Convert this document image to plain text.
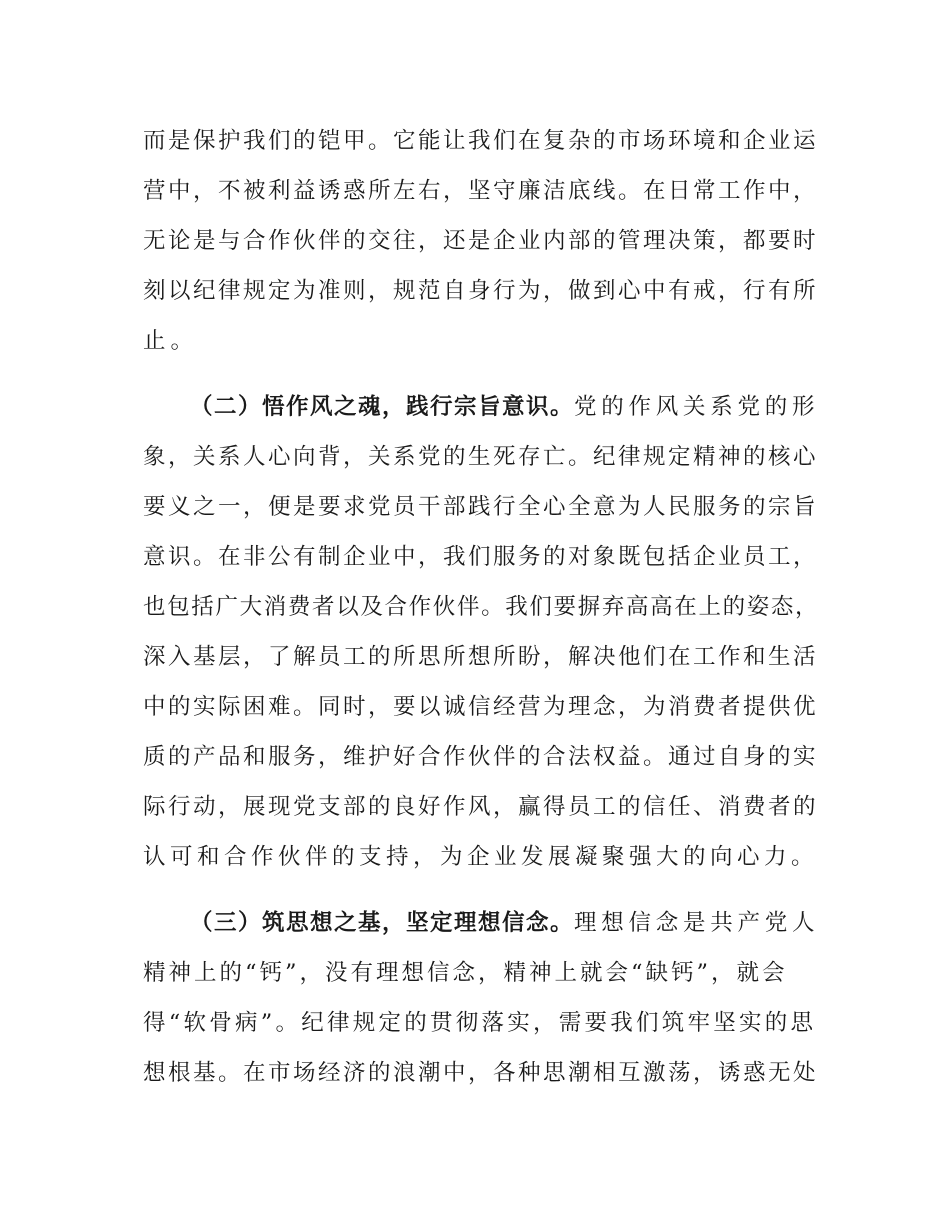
而是保护我们的铠甲。它能让我们在复杂的市场环境和企业运

营中，不被利益诱惑所左右，坚守廉洁底线。在日常工作中，

无论是与合作伙伴的交往，还是企业内部的管理决策，都要时

刻以纪律规定为准则，规范自身行为，做到心中有戒，行有所

止。

（二）悟作风之魂，践行宗旨意识。党的作风关系党的形

象，关系人心向背，关系党的生死存亡。纪律规定精神的核心

要义之一，便是要求党员干部践行全心全意为人民服务的宗旨

意识。在非公有制企业中，我们服务的对象既包括企业员工，

也包括广大消费者以及合作伙伴。我们要摒弃高高在上的姿态，

深入基层，了解员工的所思所想所盼，解决他们在工作和生活

中的实际困难。同时，要以诚信经营为理念，为消费者提供优

质的产品和服务，维护好合作伙伴的合法权益。通过自身的实

际行动，展现党支部的良好作风，赢得员工的信任、消费者的

认可和合作伙伴的支持，为企业发展凝聚强大的向心力。

（三）筑思想之基，坚定理想信念。理想信念是共产党人

精神上的“钙”，没有理想信念，精神上就会“缺钙”，就会

得“软骨病”。纪律规定的贯彻落实，需要我们筑牢坚实的思

想根基。在市场经济的浪潮中，各种思潮相互激荡，诱惑无处
